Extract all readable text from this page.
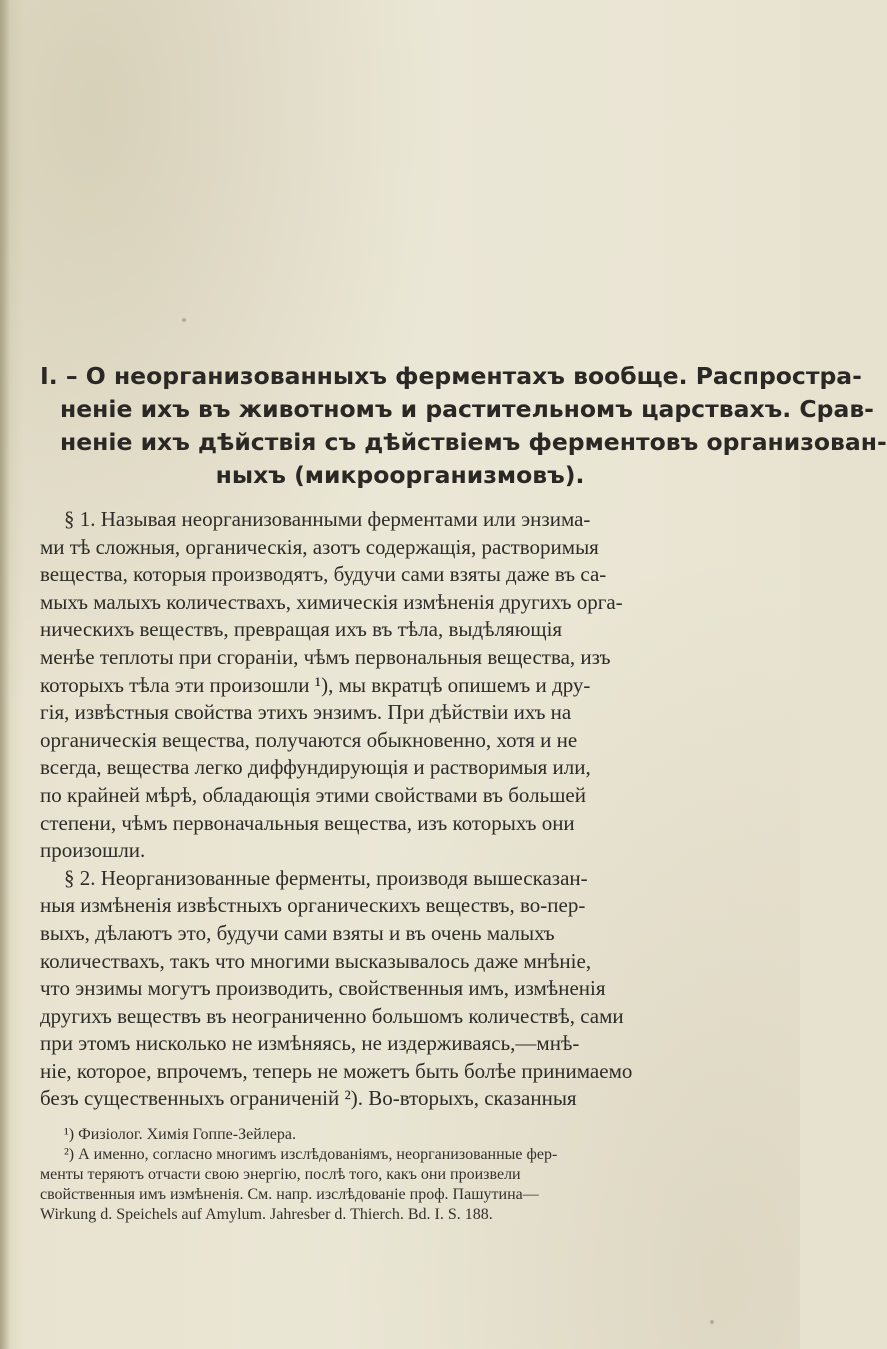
I. – О неорганизованныхъ ферментахъ вообще. Распростра-
неніе ихъ въ животномъ и растительномъ царствахъ. Срав-
неніе ихъ дѣйствія съ дѣйствіемъ ферментовъ организован-
ныхъ (микроорганизмовъ).
§ 1. Называя неорганизованными ферментами или энзима-
ми тѣ сложныя, органическія, азотъ содержащія, растворимыя
вещества, которыя производятъ, будучи сами взяты даже въ са-
мыхъ малыхъ количествахъ, химическія измѣненія другихъ орга-
ническихъ веществъ, превращая ихъ въ тѣла, выдѣляющія
менѣе теплоты при сгораніи, чѣмъ первональныя вещества, изъ
которыхъ тѣла эти произошли ¹), мы вкратцѣ опишемъ и дру-
гія, извѣстныя свойства этихъ энзимъ. При дѣйствіи ихъ на
органическія вещества, получаются обыкновенно, хотя и не
всегда, вещества легко диффундирующія и растворимыя или,
по крайней мѣрѣ, обладающія этими свойствами въ большей
степени, чѣмъ первоначальныя вещества, изъ которыхъ они
произошли.
§ 2. Неорганизованные ферменты, производя вышесказан-
ныя измѣненія извѣстныхъ органическихъ веществъ, во-пер-
выхъ, дѣлаютъ это, будучи сами взяты и въ очень малыхъ
количествахъ, такъ что многими высказывалось даже мнѣніе,
что энзимы могутъ производить, свойственныя имъ, измѣненія
другихъ веществъ въ неограниченно большомъ количествѣ, сами
при этомъ нисколько не измѣняясь, не издерживаясь,—мнѣ-
ніе, которое, впрочемъ, теперь не можетъ быть болѣе принимаемо
безъ существенныхъ ограниченій ²). Во-вторыхъ, сказанныя
¹) Физіолог. Химія Гоппе-Зейлера.
²) А именно, согласно многимъ изслѣдованіямъ, неорганизованные фер-
менты теряютъ отчасти свою энергію, послѣ того, какъ они произвели
свойственныя имъ измѣненія. См. напр. изслѣдованіе проф. Пашутина—
Wirkung d. Speichels auf Amylum. Jahresber d. Thierch. Bd. I. S. 188.
